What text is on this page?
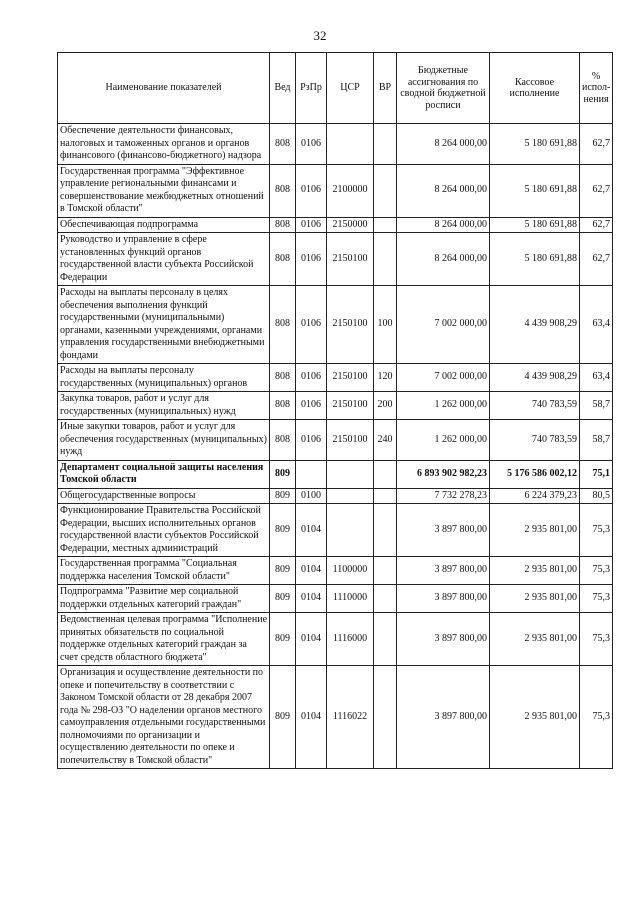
32
Наименование показателей	Вед	РзПр	ЦСР	ВР	Бюджетные ассигнования по сводной бюджетной росписи	Кассовое исполнение	% испол-нения
Обеспечение деятельности финансовых, налоговых и таможенных органов и органов финансового (финансово-бюджетного) надзора	808	0106			8 264 000,00	5 180 691,88	62,7
Государственная программа "Эффективное управление региональными финансами и совершенствование межбюджетных отношений в Томской области"	808	0106	2100000		8 264 000,00	5 180 691,88	62,7
Обеспечивающая подпрограмма	808	0106	2150000		8 264 000,00	5 180 691,88	62,7
Руководство и управление в сфере установленных функций органов государственной власти субъекта Российской Федерации	808	0106	2150100		8 264 000,00	5 180 691,88	62,7
Расходы на выплаты персоналу в целях обеспечения выполнения функций государственными (муниципальными) органами, казенными учреждениями, органами управления государственными внебюджетными фондами	808	0106	2150100	100	7 002 000,00	4 439 908,29	63,4
Расходы на выплаты персоналу государственных (муниципальных) органов	808	0106	2150100	120	7 002 000,00	4 439 908,29	63,4
Закупка товаров, работ и услуг для государственных (муниципальных) нужд	808	0106	2150100	200	1 262 000,00	740 783,59	58,7
Иные закупки товаров, работ и услуг для обеспечения государственных (муниципальных) нужд	808	0106	2150100	240	1 262 000,00	740 783,59	58,7
Департамент социальной защиты населения Томской области	809				6 893 902 982,23	5 176 586 002,12	75,1
Общегосударственные вопросы	809	0100			7 732 278,23	6 224 379,23	80,5
Функционирование Правительства Российской Федерации, высших исполнительных органов государственной власти субъектов Российской Федерации, местных администраций	809	0104			3 897 800,00	2 935 801,00	75,3
Государственная программа "Социальная поддержка населения Томской области"	809	0104	1100000		3 897 800,00	2 935 801,00	75,3
Подпрограмма "Развитие мер социальной поддержки отдельных категорий граждан"	809	0104	1110000		3 897 800,00	2 935 801,00	75,3
Ведомственная целевая программа "Исполнение принятых обязательств по социальной поддержке отдельных категорий граждан за счет средств областного бюджета"	809	0104	1116000		3 897 800,00	2 935 801,00	75,3
Организация и осуществление деятельности по опеке и попечительству в соответствии с Законом Томской области от 28 декабря 2007 года № 298-ОЗ "О наделении органов местного самоуправления отдельными государственными полномочиями по организации и осуществлению деятельности по опеке и попечительству в Томской области"	809	0104	1116022		3 897 800,00	2 935 801,00	75,3
